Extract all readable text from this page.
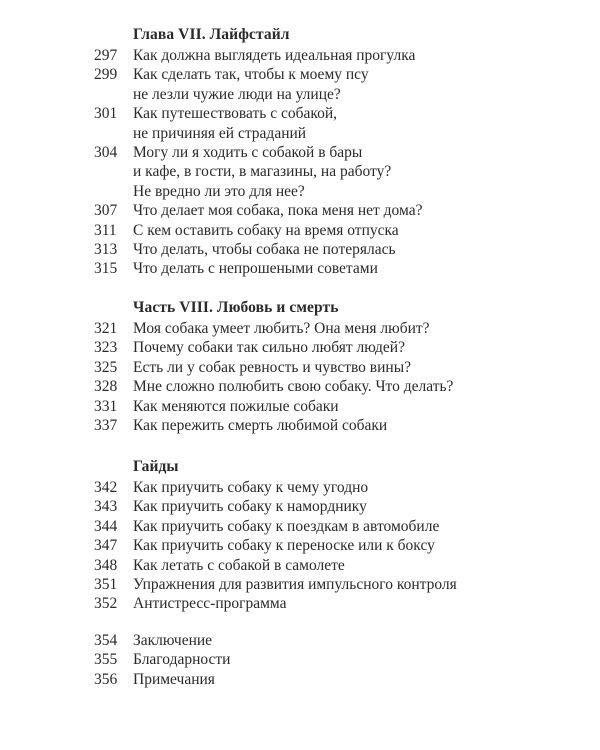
Глава VII. Лайфстайл
297	Как должна выглядеть идеальная прогулка
299	Как сделать так, чтобы к моему псу
не лезли чужие люди на улице?
301	Как путешествовать с собакой,
не причиняя ей страданий
304	Могу ли я ходить с собакой в бары
и кафе, в гости, в магазины, на работу?
Не вредно ли это для нее?
307	Что делает моя собака, пока меня нет дома?
311	С кем оставить собаку на время отпуска
313	Что делать, чтобы собака не потерялась
315	Что делать с непрошеными советами
Часть VIII. Любовь и смерть
321	Моя собака умеет любить? Она меня любит?
323	Почему собаки так сильно любят людей?
325	Есть ли у собак ревность и чувство вины?
328	Мне сложно полюбить свою собаку. Что делать?
331	Как меняются пожилые собаки
337	Как пережить смерть любимой собаки
Гайды
342	Как приучить собаку к чему угодно
343	Как приучить собаку к наморднику
344	Как приучить собаку к поездкам в автомобиле
347	Как приучить собаку к переноске или к боксу
348	Как летать с собакой в самолете
351	Упражнения для развития импульсного контроля
352	Антистресс-программа
354	Заключение
355	Благодарности
356	Примечания
